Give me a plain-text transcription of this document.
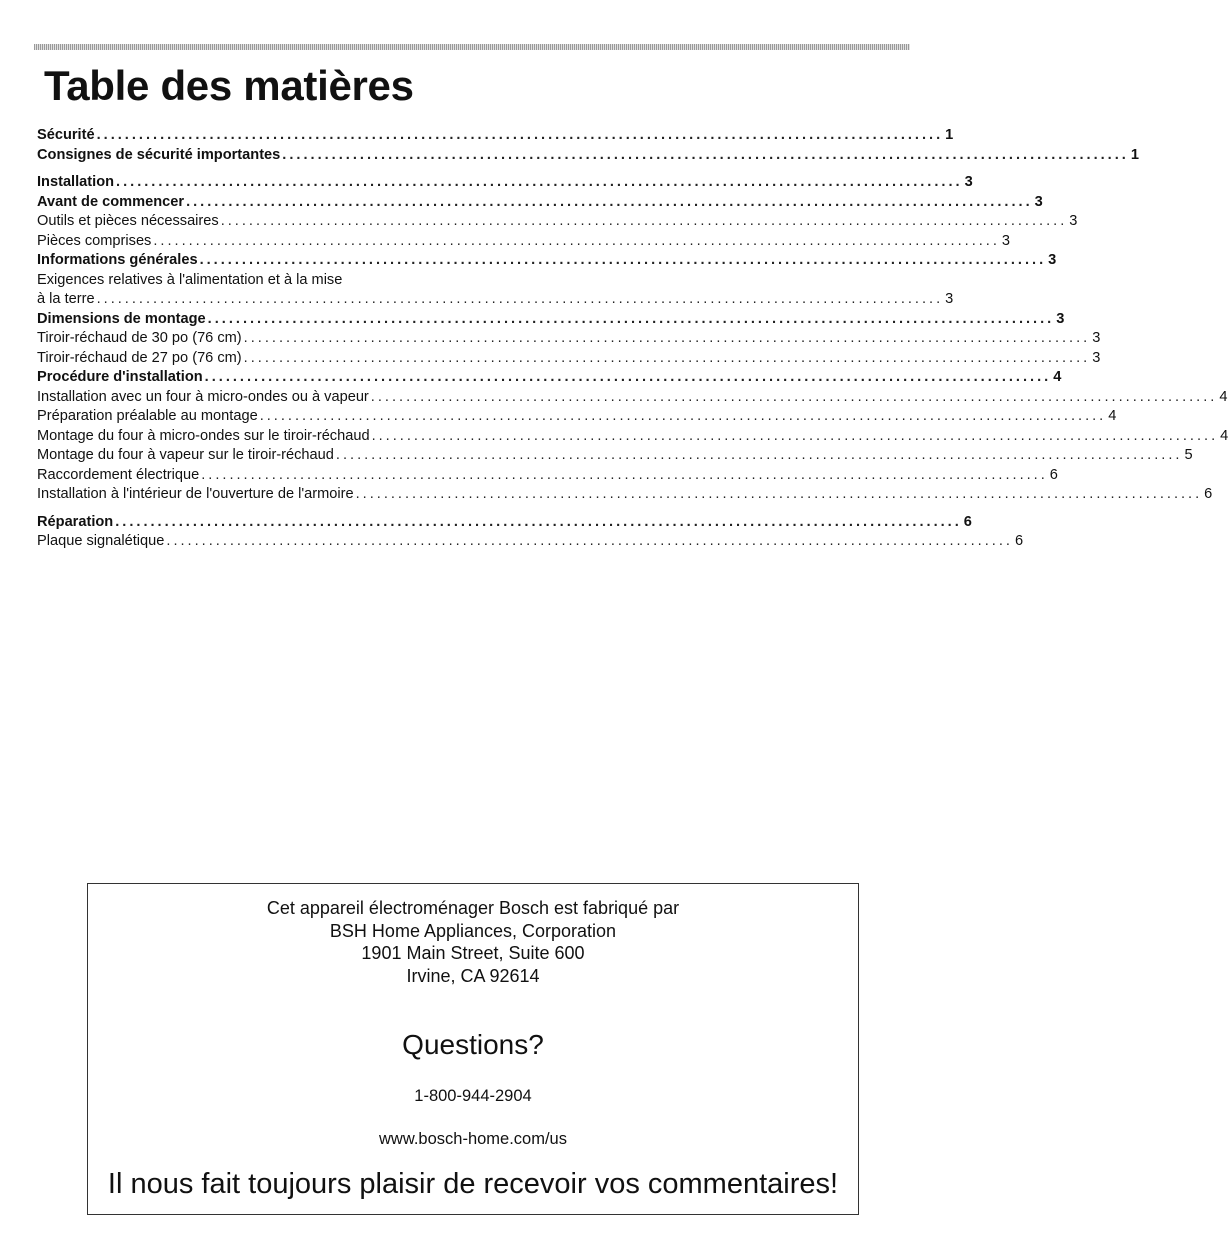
Table des matières
Sécurité ........................................................................................................................ 1
Consignes de sécurité importantes ........................................................................................................................ 1
Installation ........................................................................................................................ 3
Avant de commencer ........................................................................................................................ 3
Outils et pièces nécessaires ........................................................................................................................ 3
Pièces comprises ........................................................................................................................ 3
Informations générales ........................................................................................................................ 3
Exigences relatives à l'alimentation et à la mise
à la terre ........................................................................................................................ 3
Dimensions de montage ........................................................................................................................ 3
Tiroir-réchaud de 30 po (76 cm) ........................................................................................................................ 3
Tiroir-réchaud de 27 po (76 cm) ........................................................................................................................ 3
Procédure d'installation ........................................................................................................................ 4
Installation avec un four à micro-ondes ou à vapeur ........................................................................................................................ 4
Préparation préalable au montage ........................................................................................................................ 4
Montage du four à micro-ondes sur le tiroir-réchaud ........................................................................................................................ 4
Montage du four à vapeur sur le tiroir-réchaud ........................................................................................................................ 5
Raccordement électrique ........................................................................................................................ 6
Installation à l'intérieur de l'ouverture de l'armoire ........................................................................................................................ 6
Réparation ........................................................................................................................ 6
Plaque signalétique ........................................................................................................................ 6

Cet appareil électroménager Bosch est fabriqué par

BSH Home Appliances, Corporation

1901 Main Street, Suite 600

Irvine, CA 92614

Questions?

1-800-944-2904

www.bosch-home.com/us

Il nous fait toujours plaisir de recevoir vos commentaires!
